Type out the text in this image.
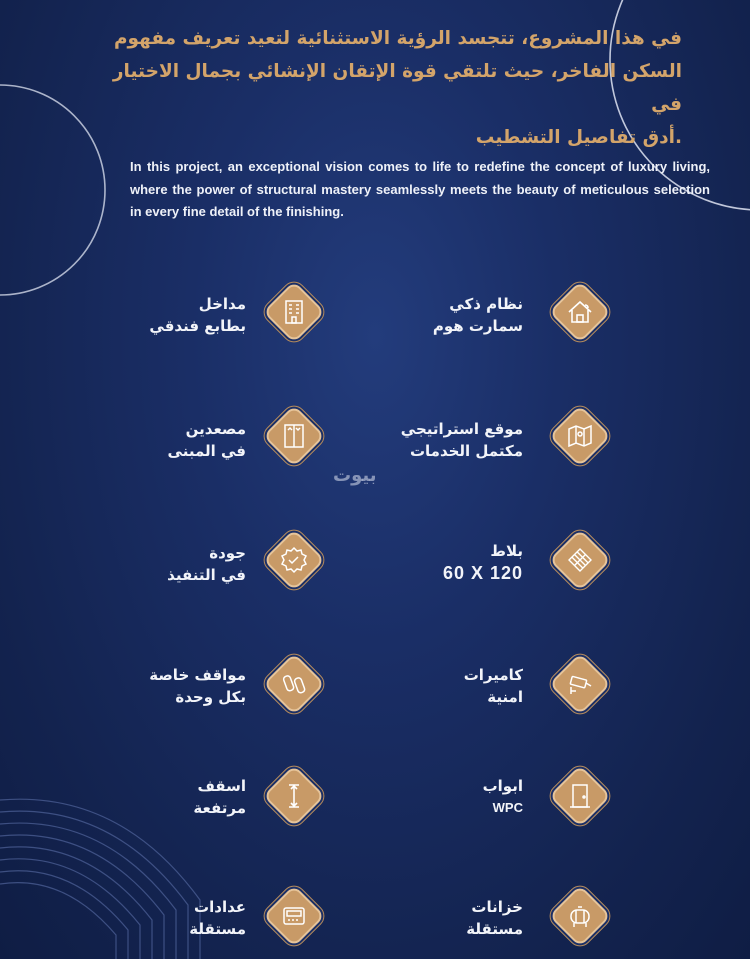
في هذا المشروع، تتجسد الرؤية الاستثنائية لتعيد تعريف مفهوم
السكن الفاخر، حيث تلتقي قوة الإتقان الإنشائي بجمال الاختيار في
.أدق تفاصيل التشطيب
In this project, an exceptional vision comes to life to redefine the concept of luxury living, where the power of structural mastery seamlessly meets the beauty of meticulous selection in every fine detail of the finishing.
بيوت
نظام ذكي
سمارت هوم
مداخل
بطابع فندقي
موقع استراتيجي
مكتمل الخدمات
مصعدين
في المبنى
بلاط
60 X 120
جودة
في التنفيذ
كاميرات
امنية
مواقف خاصة
بكل وحدة
ابواب
WPC
اسقف
مرتفعة
خزانات
مستقلة
عدادات
مستقلة
